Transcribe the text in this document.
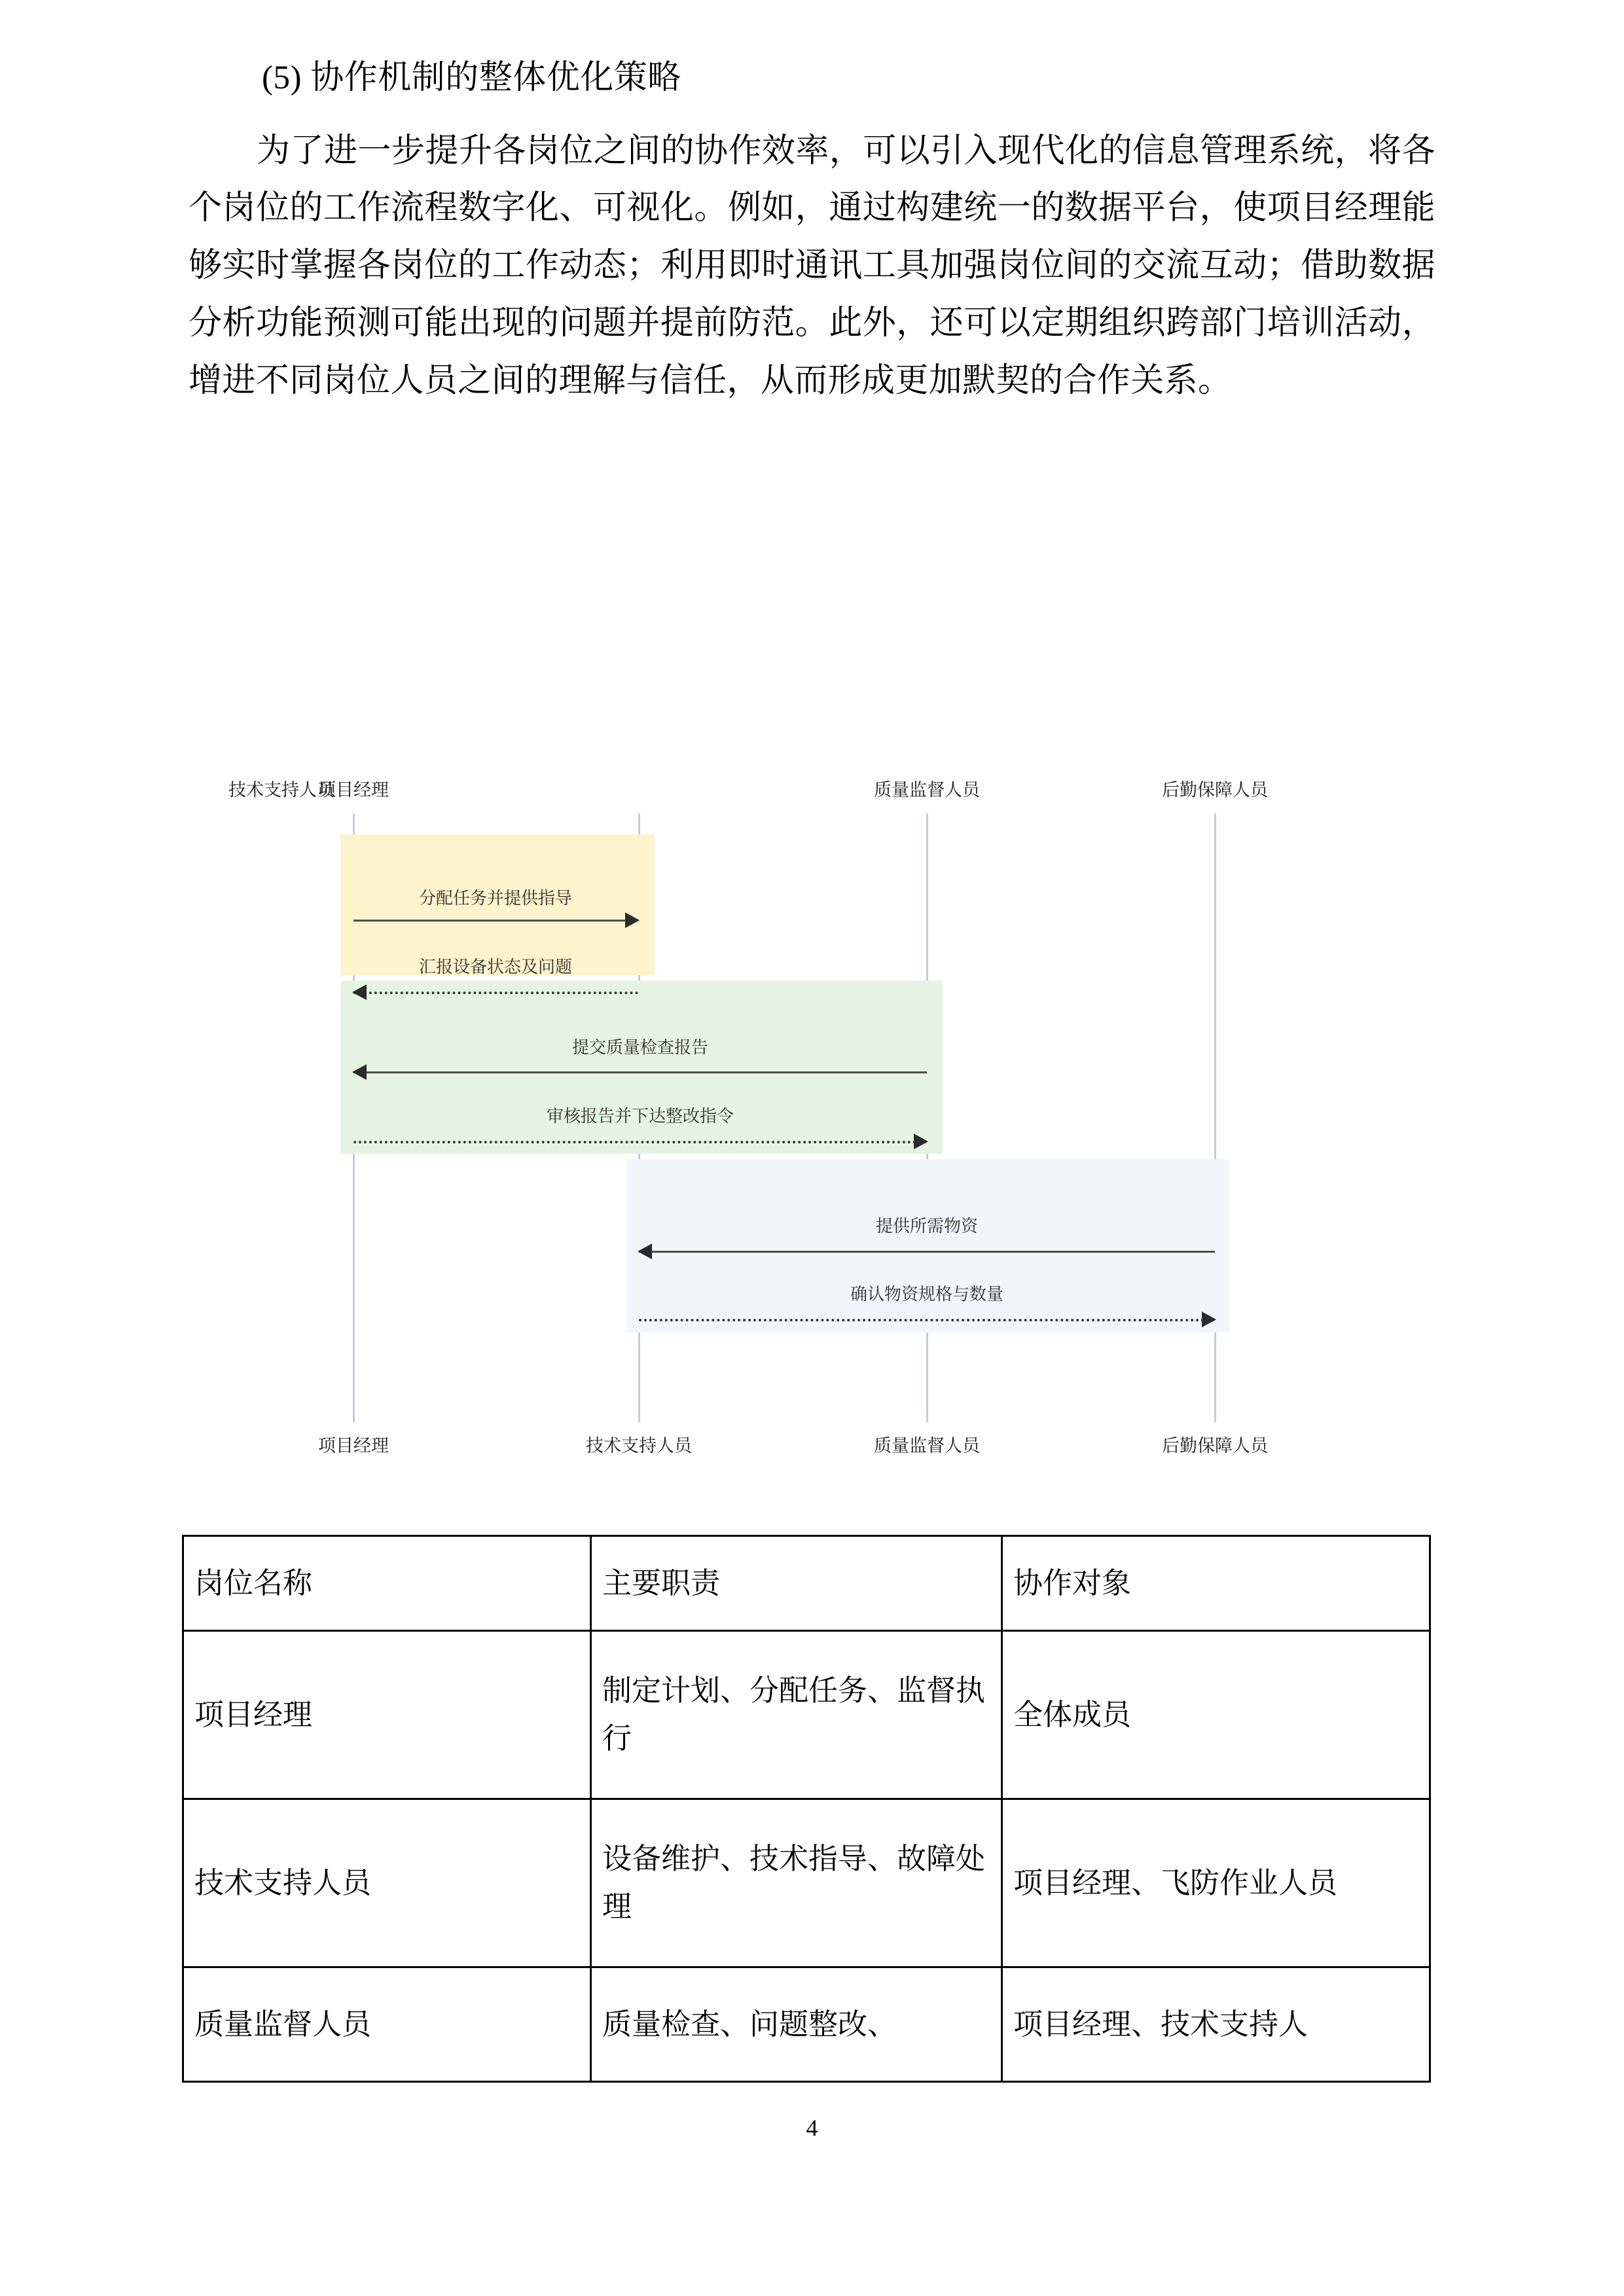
(5) 协作机制的整体优化策略

为了进一步提升各岗位之间的协作效率，可以引入现代化的信息管理系统，将各个岗位的工作流程数字化、可视化。例如，通过构建统一的数据平台，使项目经理能够实时掌握各岗位的工作动态；利用即时通讯工具加强岗位间的交流互动；借助数据分析功能预测可能出现的问题并提前防范。此外，还可以定期组织跨部门培训活动，增进不同岗位人员之间的理解与信任，从而形成更加默契的合作关系。

项目经理
技术支持人员	质量监督人员	后勤保障人员
分配任务并提供指导
汇报设备状态及问题
提交质量检查报告
审核报告并下达整改指令
提供所需物资
确认物资规格与数量
项目经理	技术支持人员	质量监督人员	后勤保障人员
岗位名称	主要职责	协作对象
项目经理	制定计划、分配任务、监督执行	全体成员
技术支持人员	设备维护、技术指导、故障处理	项目经理、飞防作业人员
质量监督人员	质量检查、问题整改、	项目经理、技术支持人
4
